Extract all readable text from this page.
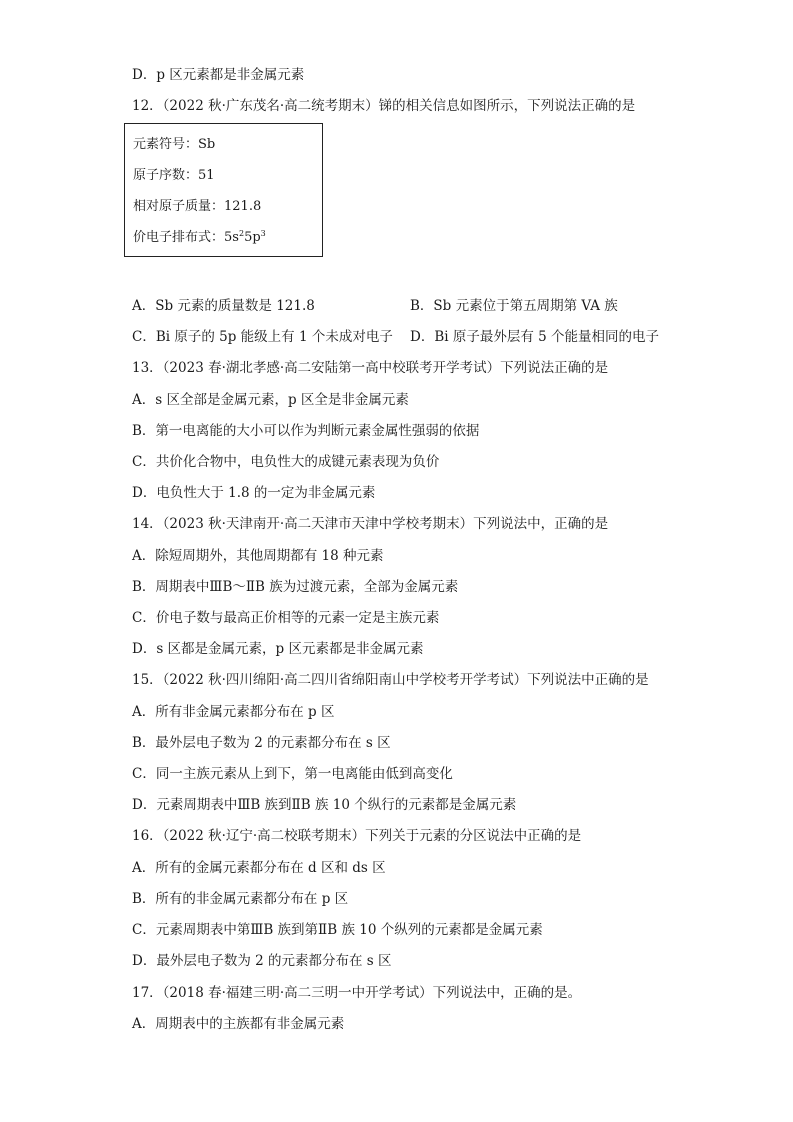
D．p 区元素都是非金属元素
12．（2022 秋·广东茂名·高二统考期末）锑的相关信息如图所示，下列说法正确的是
元素符号：Sb
原子序数：51
相对原子质量：121.8
价电子排布式：$5s^25p^3$
A．Sb 元素的质量数是 121.8	B．Sb 元素位于第五周期第 VA 族
C．Bi 原子的 5p 能级上有 1 个未成对电子 D．Bi 原子最外层有 5 个能量相同的电子
13．（2023 春·湖北孝感·高二安陆第一高中校联考开学考试）下列说法正确的是
A．s 区全部是金属元素，p 区全是非金属元素
B．第一电离能的大小可以作为判断元素金属性强弱的依据
C．共价化合物中，电负性大的成键元素表现为负价
D．电负性大于 1.8 的一定为非金属元素
14．（2023 秋·天津南开·高二天津市天津中学校考期末）下列说法中，正确的是
A．除短周期外，其他周期都有 18 种元素
B．周期表中ⅢB～ⅡB 族为过渡元素，全部为金属元素
C．价电子数与最高正价相等的元素一定是主族元素
D．s 区都是金属元素，p 区元素都是非金属元素
15．（2022 秋·四川绵阳·高二四川省绵阳南山中学校考开学考试）下列说法中正确的是
A．所有非金属元素都分布在 p 区
B．最外层电子数为 2 的元素都分布在 s 区
C．同一主族元素从上到下，第一电离能由低到高变化
D．元素周期表中ⅢB 族到ⅡB 族 10 个纵行的元素都是金属元素
16．（2022 秋·辽宁·高二校联考期末）下列关于元素的分区说法中正确的是
A．所有的金属元素都分布在 d 区和 ds 区
B．所有的非金属元素都分布在 p 区
C．元素周期表中第ⅢB 族到第ⅡB 族 10 个纵列的元素都是金属元素
D．最外层电子数为 2 的元素都分布在 s 区
17．（2018 春·福建三明·高二三明一中开学考试）下列说法中，正确的是。
A．周期表中的主族都有非金属元素
